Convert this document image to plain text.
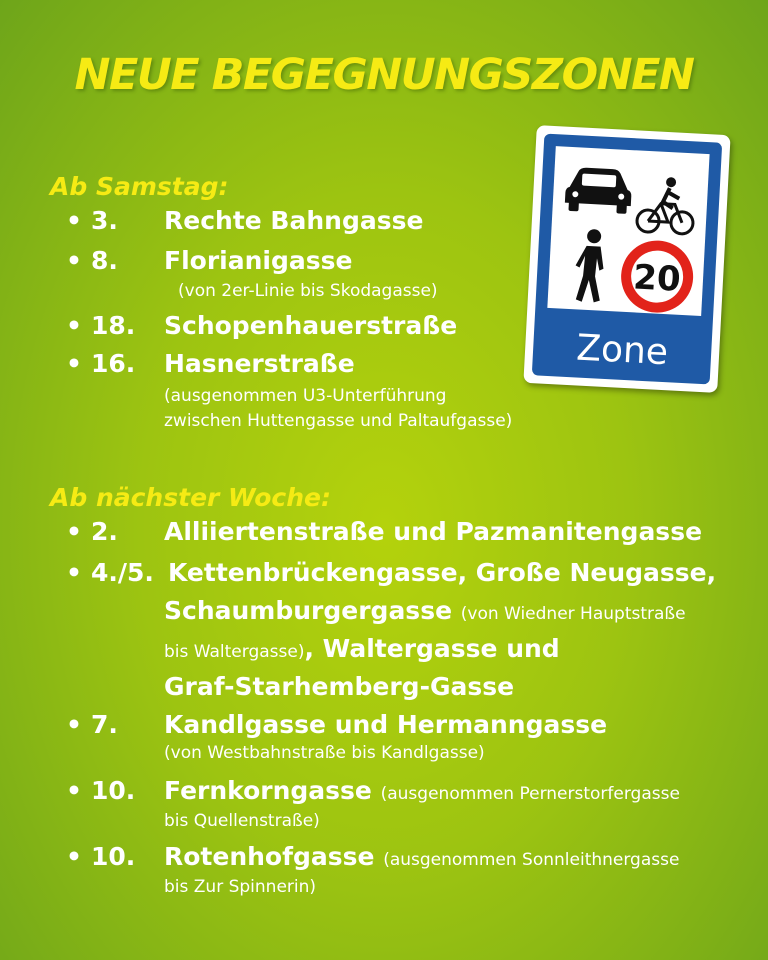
NEUE BEGEGNUNGSZONEN
20
Zone
Ab Samstag:
• 3. Rechte Bahngasse
• 8. Florianigasse
(von 2er-Linie bis Skodagasse)
• 18. Schopenhauerstraße
• 16. Hasnerstraße
(ausgenommen U3-Unterführung
zwischen Huttengasse und Paltaufgasse)
Ab nächster Woche:
• 2. Alliiertenstraße und Pazmanitengasse
• 4./5. Kettenbrückengasse, Große Neugasse,
Schaumburgergasse (von Wiedner Hauptstraße
bis Waltergasse), Waltergasse und
Graf-Starhemberg-Gasse
• 7. Kandlgasse und Hermanngasse
(von Westbahnstraße bis Kandlgasse)
• 10. Fernkorngasse (ausgenommen Pernerstorfergasse
bis Quellenstraße)
• 10. Rotenhofgasse (ausgenommen Sonnleithnergasse
bis Zur Spinnerin)
